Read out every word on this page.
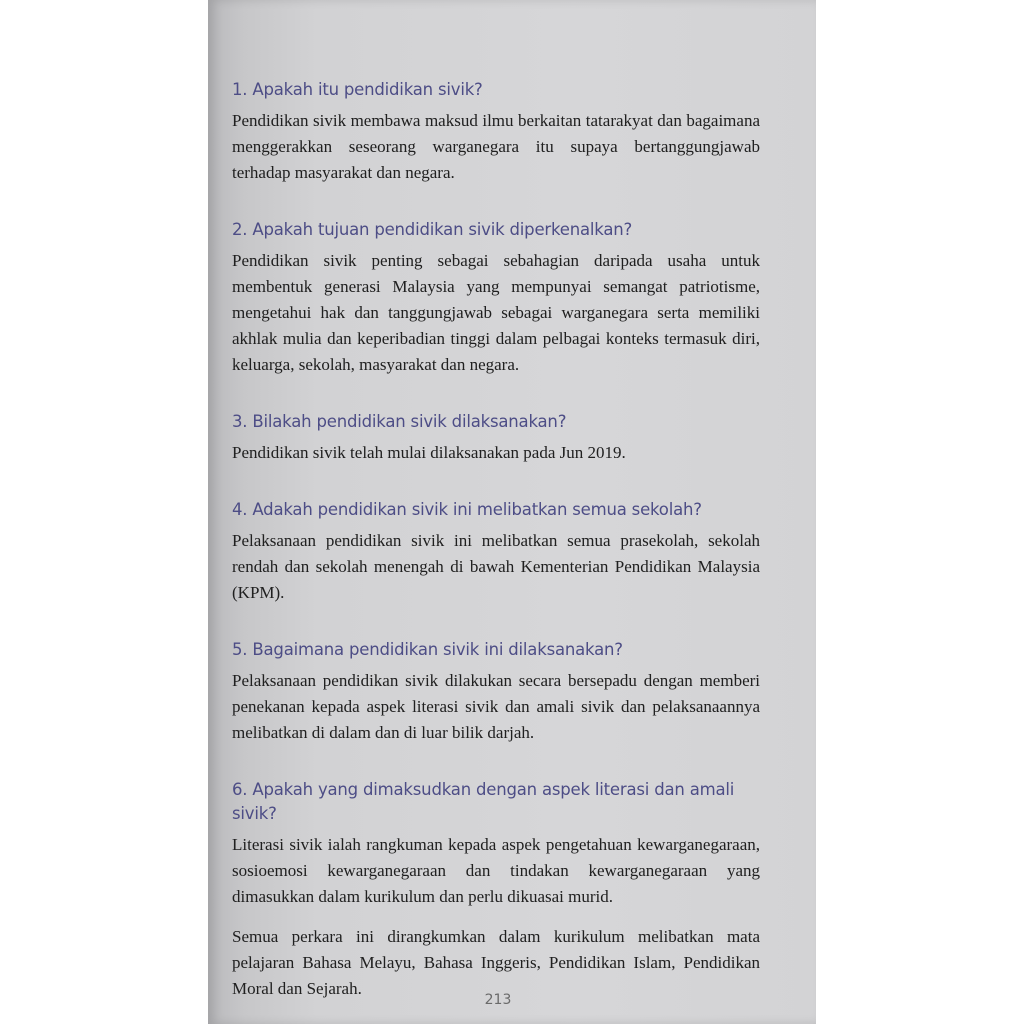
1. Apakah itu pendidikan sivik?

Pendidikan sivik membawa maksud ilmu berkaitan tatarakyat dan bagaimana menggerakkan seseorang warganegara itu supaya bertanggungjawab terhadap masyarakat dan negara.

2. Apakah tujuan pendidikan sivik diperkenalkan?

Pendidikan sivik penting sebagai sebahagian daripada usaha untuk membentuk generasi Malaysia yang mempunyai semangat patriotisme, mengetahui hak dan tanggungjawab sebagai warganegara serta memiliki akhlak mulia dan keperibadian tinggi dalam pelbagai konteks termasuk diri, keluarga, sekolah, masyarakat dan negara.

3. Bilakah pendidikan sivik dilaksanakan?

Pendidikan sivik telah mulai dilaksanakan pada Jun 2019.

4. Adakah pendidikan sivik ini melibatkan semua sekolah?

Pelaksanaan pendidikan sivik ini melibatkan semua prasekolah, sekolah rendah dan sekolah menengah di bawah Kementerian Pendidikan Malaysia (KPM).

5. Bagaimana pendidikan sivik ini dilaksanakan?

Pelaksanaan pendidikan sivik dilakukan secara bersepadu dengan memberi penekanan kepada aspek literasi sivik dan amali sivik dan pelaksanaannya melibatkan di dalam dan di luar bilik darjah.

6. Apakah yang dimaksudkan dengan aspek literasi dan amali sivik?

Literasi sivik ialah rangkuman kepada aspek pengetahuan kewarganegaraan, sosioemosi kewarganegaraan dan tindakan kewarganegaraan yang dimasukkan dalam kurikulum dan perlu dikuasai murid.

Semua perkara ini dirangkumkan dalam kurikulum melibatkan mata pelajaran Bahasa Melayu, Bahasa Inggeris, Pendidikan Islam, Pendidikan Moral dan Sejarah.

213
